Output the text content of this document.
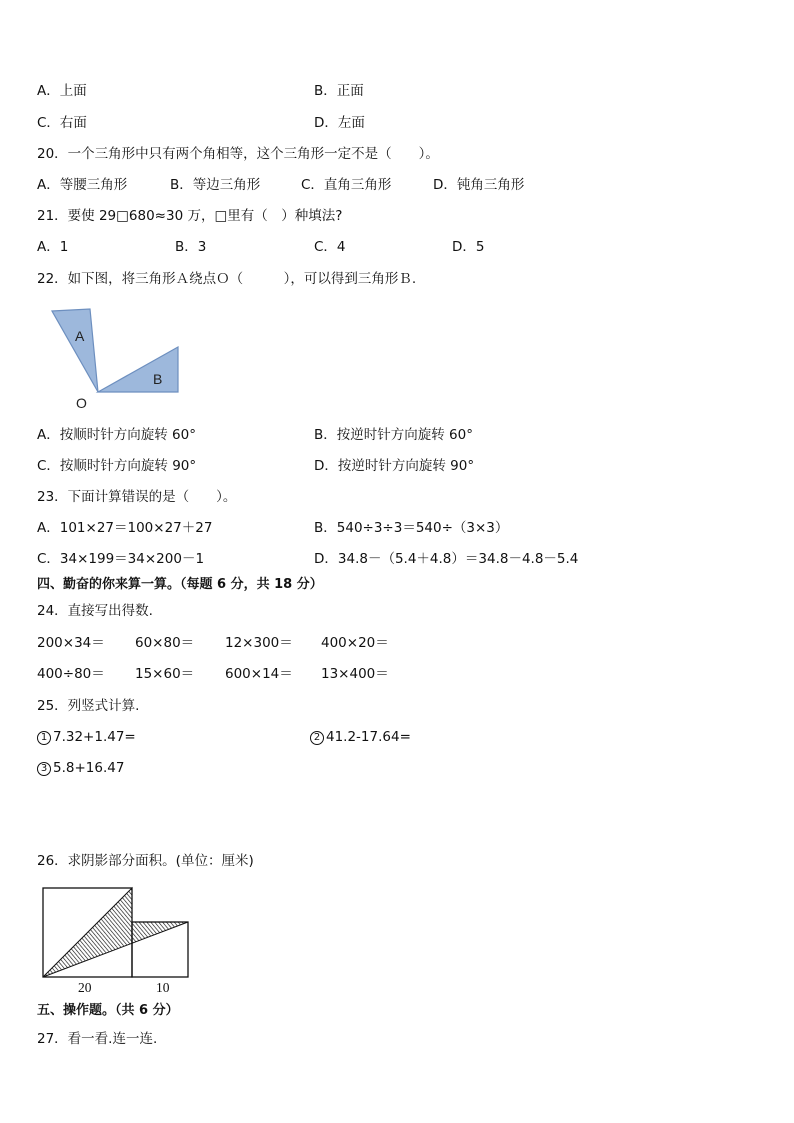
A．上面	B．正面
C．右面	D．左面
20．一个三角形中只有两个角相等，这个三角形一定不是（　　）。
A．等腰三角形	B．等边三角形	C．直角三角形	D．钝角三角形
21．要使 29□680≈30 万，□里有（　）种填法?
A．1	B．3	C．4	D．5
22．如下图，将三角形Ａ绕点Ｏ（　　　），可以得到三角形Ｂ.
A
B
O
A．按顺时针方向旋转 60°	B．按逆时针方向旋转 60°
C．按顺时针方向旋转 90°	D．按逆时针方向旋转 90°
23．下面计算错误的是（　　）。
A．101×27＝100×27＋27	B．540÷3÷3＝540÷（3×3）
C．34×199＝34×200－1	D．34.8－（5.4＋4.8）＝34.8－4.8－5.4
四、勤奋的你来算一算。（每题 6 分，共 18 分）
24．直接写出得数.
200×34＝ 60×80＝ 12×300＝ 400×20＝
400÷80＝ 15×60＝ 600×14＝ 13×400＝
25．列竖式计算.
1 7.32+1.47=	2 41.2-17.64=
3 5.8+16.47
26．求阴影部分面积。(单位：厘米)
20	10
五、操作题。（共 6 分）
27．看一看.连一连.
